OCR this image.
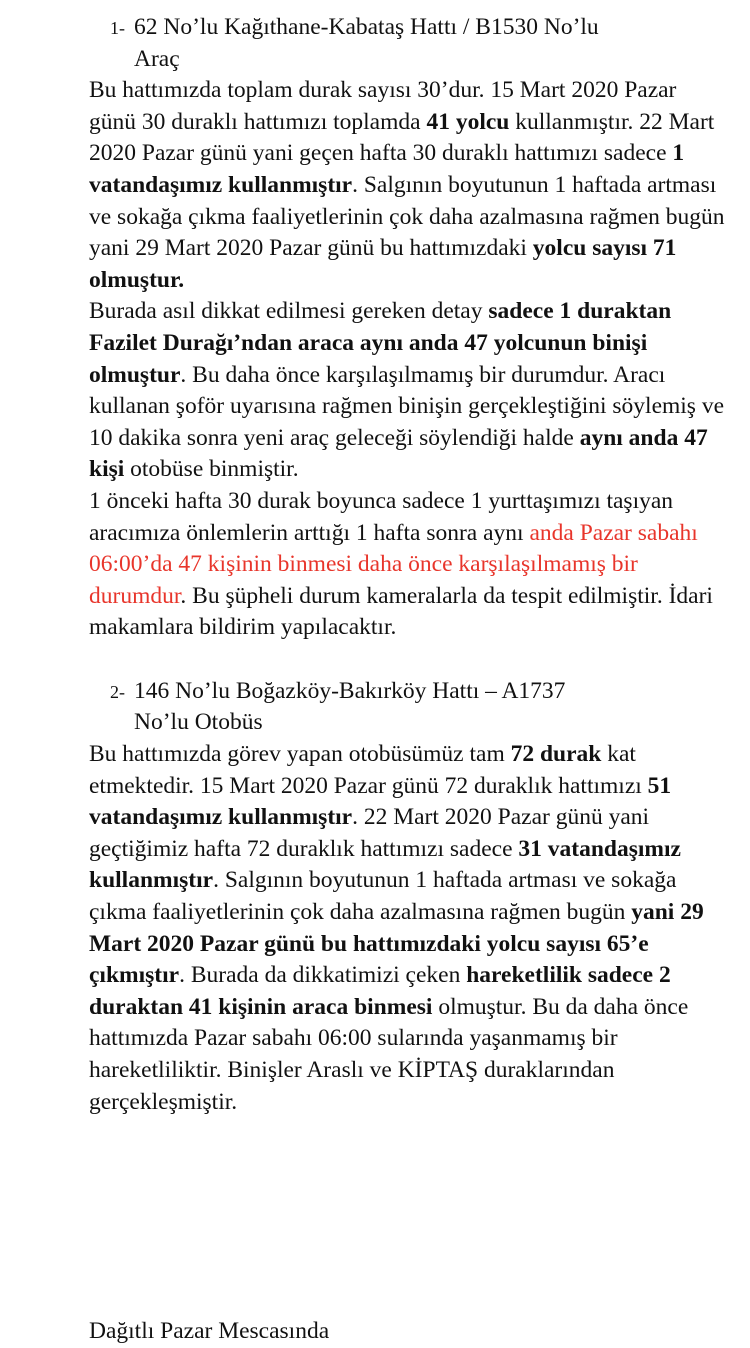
1- 62 No’lu Kağıthane-Kabataş Hattı / B1530 No’lu
Araç

Bu hattımızda toplam durak sayısı 30’dur. 15 Mart 2020 Pazar günü 30 duraklı hattımızı toplamda 41 yolcu kullanmıştır. 22 Mart 2020 Pazar günü yani geçen hafta 30 duraklı hattımızı sadece 1 vatandaşımız kullanmıştır. Salgının boyutunun 1 haftada artması ve sokağa çıkma faaliyetlerinin çok daha azalmasına rağmen bugün yani 29 Mart 2020 Pazar günü bu hattımızdaki yolcu sayısı 71 olmuştur.

Burada asıl dikkat edilmesi gereken detay sadece 1 duraktan Fazilet Durağı’ndan araca aynı anda 47 yolcunun binişi olmuştur. Bu daha önce karşılaşılmamış bir durumdur. Aracı kullanan şoför uyarısına rağmen binişin gerçekleştiğini söylemiş ve 10 dakika sonra yeni araç geleceği söylendiği halde aynı anda 47 kişi otobüse binmiştir.

1 önceki hafta 30 durak boyunca sadece 1 yurttaşımızı taşıyan aracımıza önlemlerin arttığı 1 hafta sonra aynı anda Pazar sabahı 06:00’da 47 kişinin binmesi daha önce karşılaşılmamış bir durumdur. Bu şüpheli durum kameralarla da tespit edilmiştir. İdari makamlara bildirim yapılacaktır.

2- 146 No’lu Boğazköy-Bakırköy Hattı – A1737
No’lu Otobüs

Bu hattımızda görev yapan otobüsümüz tam 72 durak kat etmektedir. 15 Mart 2020 Pazar günü 72 duraklık hattımızı 51 vatandaşımız kullanmıştır. 22 Mart 2020 Pazar günü yani geçtiğimiz hafta 72 duraklık hattımızı sadece 31 vatandaşımız kullanmıştır. Salgının boyutunun 1 haftada artması ve sokağa çıkma faaliyetlerinin çok daha azalmasına rağmen bugün yani 29 Mart 2020 Pazar günü bu hattımızdaki yolcu sayısı 65’e çıkmıştır. Burada da dikkatimizi çeken hareketlilik sadece 2 duraktan 41 kişinin araca binmesi olmuştur. Bu da daha önce hattımızda Pazar sabahı 06:00 sularında yaşanmamış bir hareketliliktir. Binişler Araslı ve KİPTAŞ duraklarından gerçekleşmiştir.

Dağıtlı Pazar Mescasında
